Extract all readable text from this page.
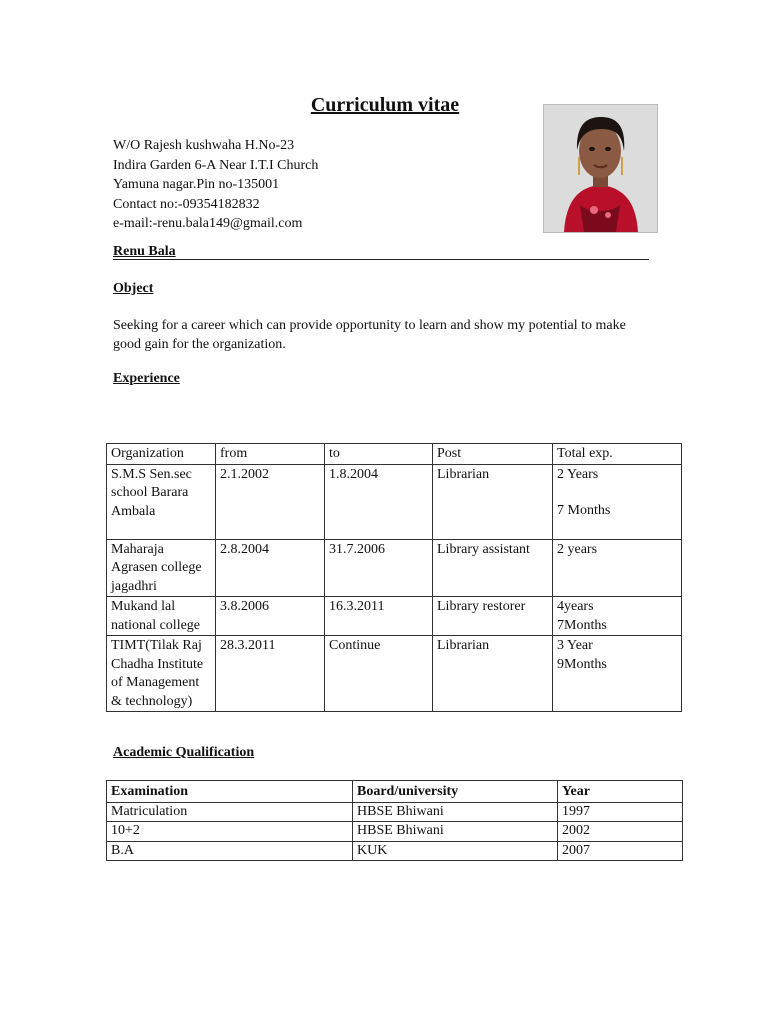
Curriculum vitae
W/O Rajesh kushwaha H.No-23
Indira Garden 6-A Near I.T.I Church
Yamuna nagar.Pin no-135001
Contact no:-09354182832
e-mail:-renu.bala149@gmail.com
Renu Bala
Object
Seeking for a career which can provide opportunity to learn and show my potential to make good gain for the organization.
Experience
Organization	from	to	Post	Total exp.
S.M.S Sen.sec school Barara Ambala	2.1.2002	1.8.2004	Librarian	2 Years
7 Months

Maharaja Agrasen college jagadhri	2.8.2004	31.7.2006	Library assistant	2 years

Mukand lal national college	3.8.2006	16.3.2011	Library restorer	4years
7Months

TIMT(Tilak Raj Chadha Institute of Management & technology)	28.3.2011	Continue	Librarian	3 Year
9Months
Academic Qualification
Examination	Board/university	Year
Matriculation	HBSE Bhiwani	1997
10+2	HBSE Bhiwani	2002
B.A	KUK	2007
